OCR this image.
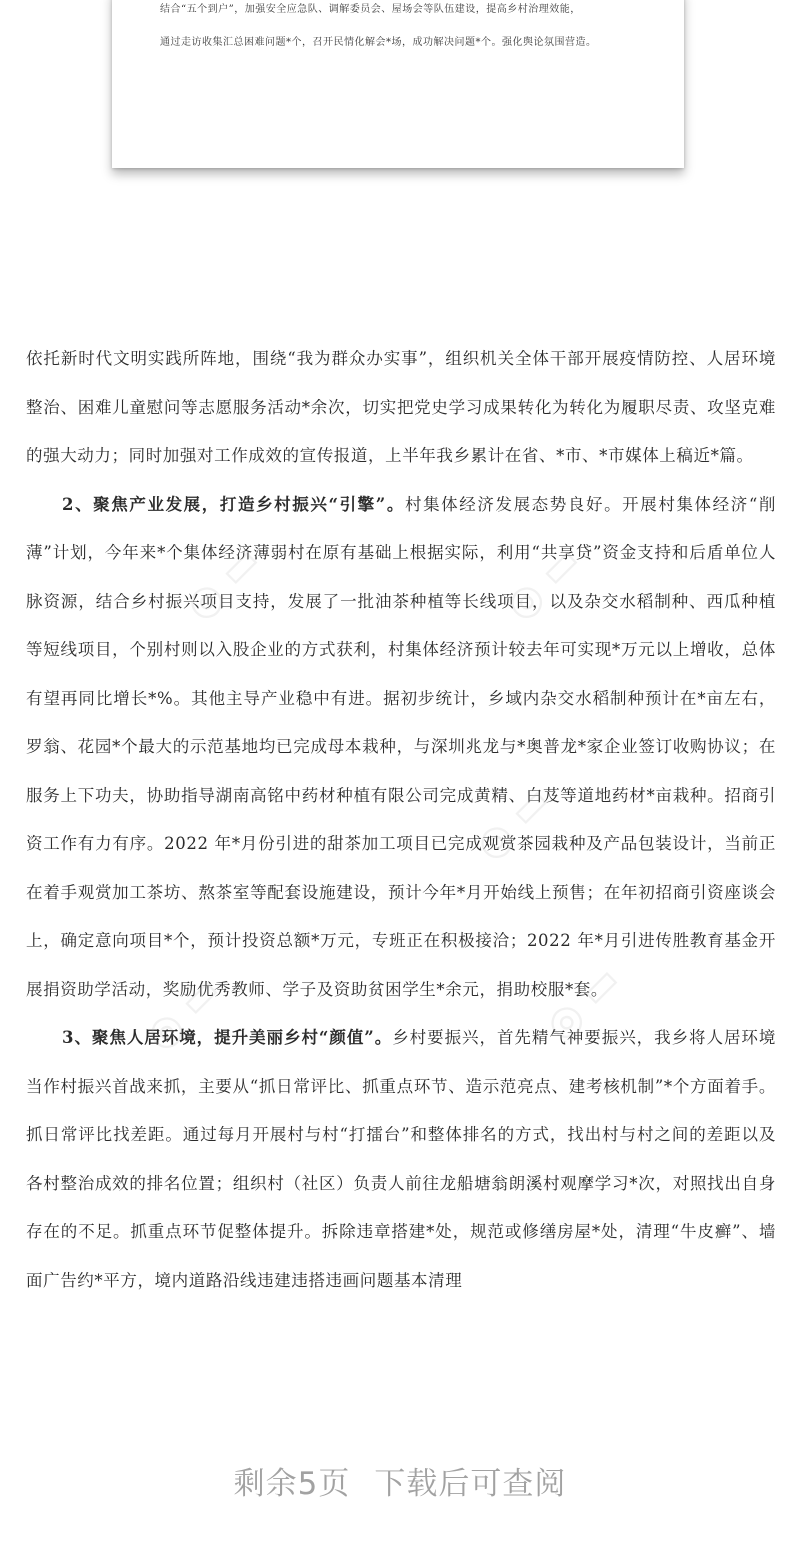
结合“五个到户”，加强安全应急队、调解委员会、屋场会等队伍建设，提高乡村治理效能，
通过走访收集汇总困难问题*个，召开民情化解会*场，成功解决问题*个。强化舆论氛围营造。

依托新时代文明实践所阵地，围绕“我为群众办实事”，组织机关全体干部开展疫情防控、人居环境整治、困难儿童慰问等志愿服务活动*余次，切实把党史学习成果转化为转化为履职尽责、攻坚克难的强大动力；同时加强对工作成效的宣传报道，上半年我乡累计在省、*市、*市媒体上稿近*篇。

2、聚焦产业发展，打造乡村振兴“引擎”。村集体经济发展态势良好。开展村集体经济“削薄”计划，今年来*个集体经济薄弱村在原有基础上根据实际，利用“共享贷”资金支持和后盾单位人脉资源，结合乡村振兴项目支持，发展了一批油茶种植等长线项目，以及杂交水稻制种、西瓜种植等短线项目，个别村则以入股企业的方式获利，村集体经济预计较去年可实现*万元以上增收，总体有望再同比增长*%。其他主导产业稳中有进。据初步统计，乡域内杂交水稻制种预计在*亩左右，罗翁、花园*个最大的示范基地均已完成母本栽种，与深圳兆龙与*奥普龙*家企业签订收购协议；在服务上下功夫，协助指导湖南高铭中药材种植有限公司完成黄精、白芨等道地药材*亩栽种。招商引资工作有力有序。2022 年*月份引进的甜茶加工项目已完成观赏茶园栽种及产品包装设计，当前正在着手观赏加工茶坊、熬茶室等配套设施建设，预计今年*月开始线上预售；在年初招商引资座谈会上，确定意向项目*个，预计投资总额*万元，专班正在积极接洽；2022 年*月引进传胜教育基金开展捐资助学活动，奖励优秀教师、学子及资助贫困学生*余元，捐助校服*套。

3、聚焦人居环境，提升美丽乡村“颜值”。乡村要振兴，首先精气神要振兴，我乡将人居环境当作村振兴首战来抓，主要从“抓日常评比、抓重点环节、造示范亮点、建考核机制”*个方面着手。抓日常评比找差距。通过每月开展村与村“打擂台”和整体排名的方式，找出村与村之间的差距以及各村整治成效的排名位置；组织村（社区）负责人前往龙船塘翁朗溪村观摩学习*次，对照找出自身存在的不足。抓重点环节促整体提升。拆除违章搭建*处，规范或修缮房屋*处，清理“牛皮癣”、墙面广告约*平方，境内道路沿线违建违搭违画问题基本清理

◎ ▭	◎ ▭
◎ ▭	◎ ▭
◎ ▭
剩余5页 下载后可查阅
